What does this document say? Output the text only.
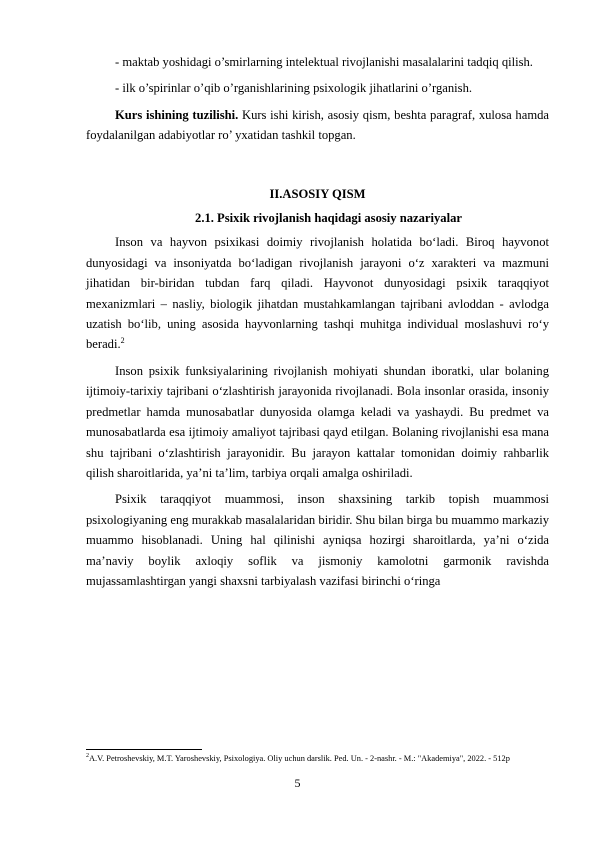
- maktab yoshidagi o’smirlarning intelektual rivojlanishi masalalarini tadqiq qilish.

- ilk o’spirinlar o’qib o’rganishlarining psixologik jihatlarini o’rganish.

Kurs ishining tuzilishi. Kurs ishi kirish, asosiy qism, beshta paragraf, xulosa hamda foydalanilgan adabiyotlar ro’ yxatidan tashkil topgan.

II.ASOSIY QISM

2.1. Psixik rivojlanish haqidagi asosiy nazariyalar

Inson va hayvon psixikasi doimiy rivojlanish holatida bo‘ladi. Biroq hayvonot dunyosidagi va insoniyatda bo‘ladigan rivojlanish jarayoni o‘z xarakteri va mazmuni jihatidan bir-biridan tubdan farq qiladi. Hayvonot dunyosidagi psixik taraqqiyot mexanizmlari – nasliy, biologik jihatdan mustahkamlangan tajribani avloddan - avlodga uzatish bo‘lib, uning asosida hayvonlarning tashqi muhitga individual moslashuvi ro‘y beradi.$^2$

Inson psixik funksiyalarining rivojlanish mohiyati shundan iboratki, ular bolaning ijtimoiy-tarixiy tajribani o‘zlashtirish jarayonida rivojlanadi. Bola insonlar orasida, insoniy predmetlar hamda munosabatlar dunyosida olamga keladi va yashaydi. Bu predmet va munosabatlarda esa ijtimoiy amaliyot tajribasi qayd etilgan. Bolaning rivojlanishi esa mana shu tajribani o‘zlashtirish jarayonidir. Bu jarayon kattalar tomonidan doimiy rahbarlik qilish sharoitlarida, ya’ni ta’lim, tarbiya orqali amalga oshiriladi.

Psixik taraqqiyot muammosi, inson shaxsining tarkib topish muammosi psixologiyaning eng murakkab masalalaridan biridir. Shu bilan birga bu muammo markaziy muammo hisoblanadi. Uning hal qilinishi ayniqsa hozirgi sharoitlarda, ya’ni o‘zida ma’naviy boylik axloqiy soflik va jismoniy kamolotni garmonik ravishda mujassamlashtirgan yangi shaxsni tarbiyalash vazifasi birinchi o‘ringa

$^2$A.V. Petroshevskiy, M.T. Yaroshevskiy, Psixologiya. Oliy uchun darslik. Ped. Un. - 2-nashr. - M.: "Akademiya", 2022. - 512p
5
